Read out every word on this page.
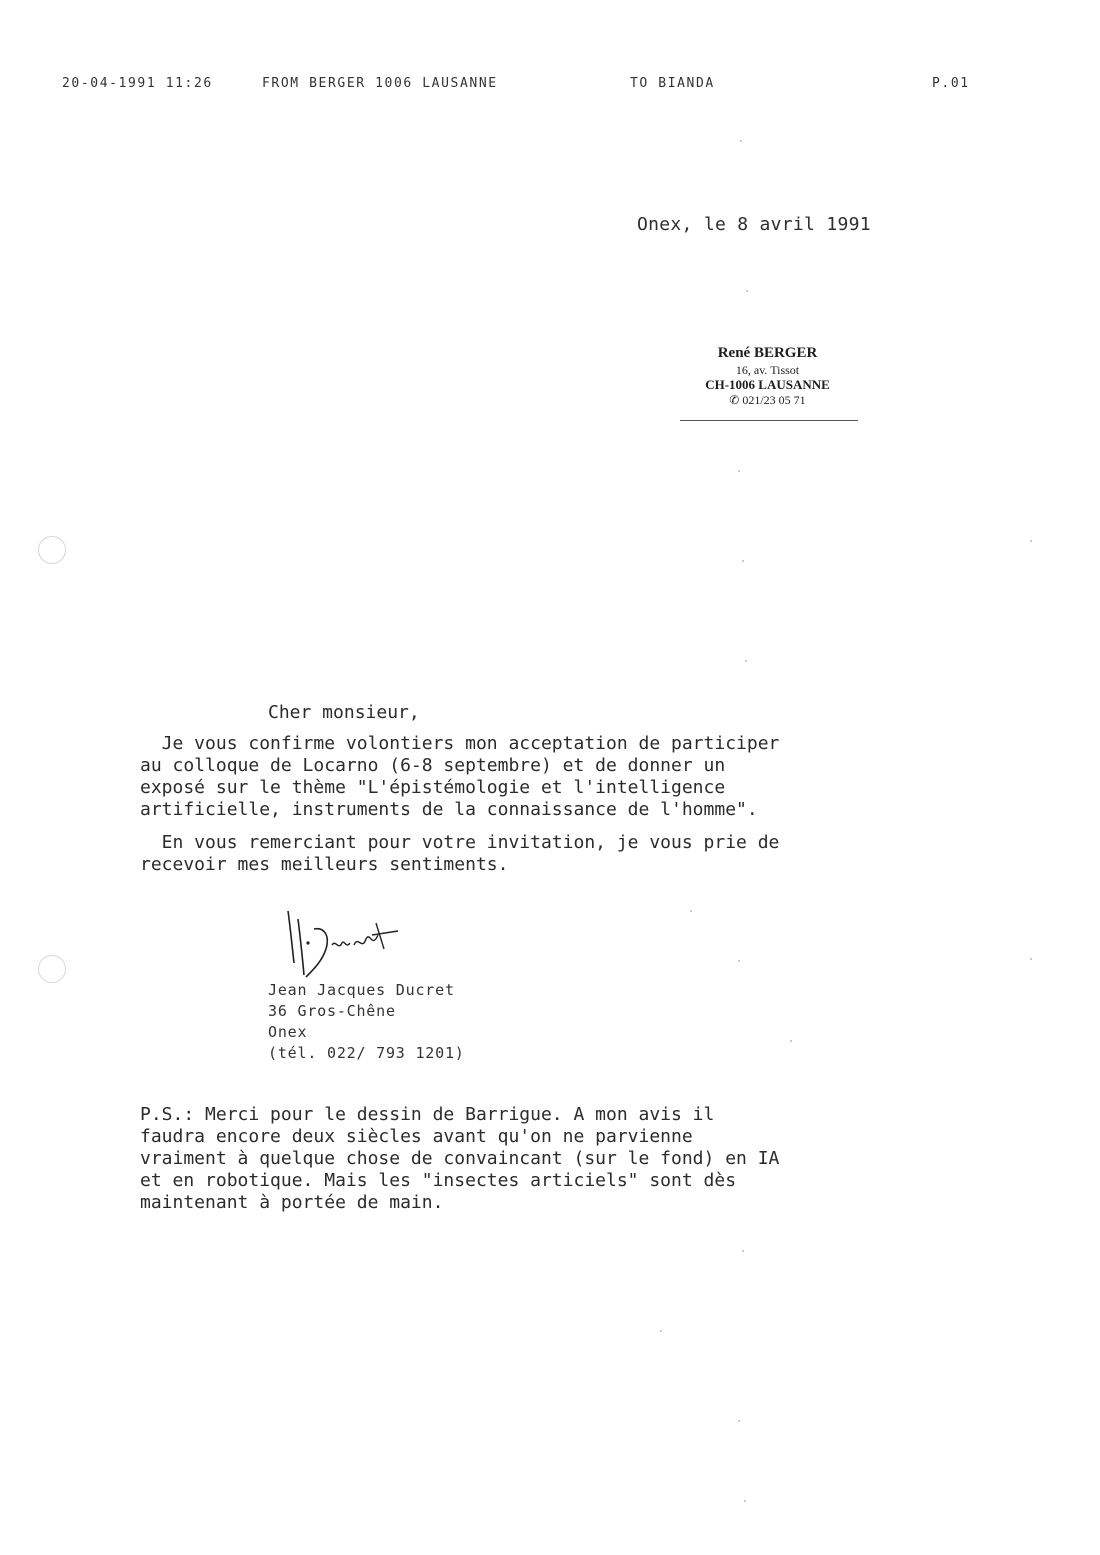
20-04-1991 11:26	FROM BERGER 1006 LAUSANNE	TO BIANDA	P.01
Onex, le 8 avril 1991
René BERGER
16, av. Tissot
CH-1006 LAUSANNE
✆ 021/23 05 71
Cher monsieur,
Je vous confirme volontiers mon acceptation de participer
au colloque de Locarno (6-8 septembre) et de donner un
exposé sur le thème "L'épistémologie et l'intelligence
artificielle, instruments de la connaissance de l'homme".
En vous remerciant pour votre invitation, je vous prie de
recevoir mes meilleurs sentiments.
Jean Jacques Ducret
36 Gros-Chêne
Onex
(tél. 022/ 793 1201)
P.S.: Merci pour le dessin de Barrigue. A mon avis il
faudra encore deux siècles avant qu'on ne parvienne
vraiment à quelque chose de convaincant (sur le fond) en IA
et en robotique. Mais les "insectes articiels" sont dès
maintenant à portée de main.
